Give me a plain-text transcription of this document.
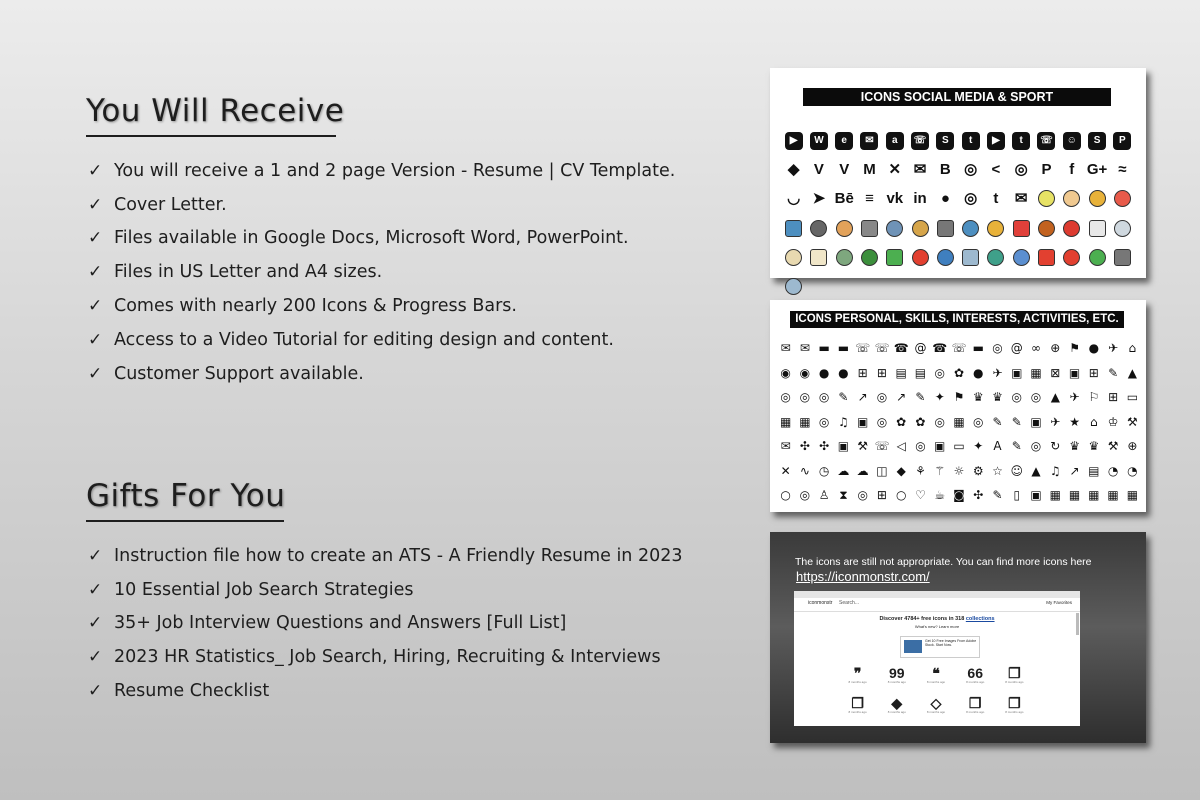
You Will Receive
✓ You will receive a 1 and 2 page Version - Resume | CV Template.
✓ Cover Letter.
✓ Files available in Google Docs, Microsoft Word, PowerPoint.
✓ Files in US Letter and A4 sizes.
✓ Comes with nearly 200 Icons & Progress Bars.
✓ Access to a Video Tutorial for editing design and content.
✓ Customer Support available.
Gifts For You
✓ Instruction file how to create an ATS - A Friendly Resume in 2023
✓ 10 Essential Job Search Strategies
✓ 35+ Job Interview Questions and Answers [Full List]
✓ 2023 HR Statistics_ Job Search, Hiring, Recruiting & Interviews
✓ Resume Checklist
ICONS SOCIAL MEDIA & SPORT
▶	W	e	✉	a	☏	S	t	▶	t	☏	☺	S	P
◆ V V M ✕ ✉ B ◎ < ◎ P f G+ ≈
◡ ➤ Bē ≡ vk in ● ◎ t ✉
ICONS PERSONAL, SKILLS, INTERESTS, ACTIVITIES, ETC.
✉ ✉ ▬ ▬ ☏ ☏ ☎ @ ☎ ☏ ▬ ◎ @ ∞ ⊕ ⚑ ● ✈ ⌂
◉ ◉ ● ● ⊞ ⊞ ▤ ▤ ◎ ✿ ● ✈ ▣ ▦ ⊠ ▣ ⊞ ✎ ▲
◎ ◎ ◎ ✎ ↗ ◎ ↗ ✎ ✦ ⚑ ♛ ♛ ◎ ◎ ▲ ✈ ⚐ ⊞ ▭
▦ ▦ ◎ ♫ ▣ ◎ ✿ ✿ ◎ ▦ ◎ ✎ ✎ ▣ ✈ ★ ⌂ ♔ ⚒
✉ ✣ ✣ ▣ ⚒ ☏ ◁ ◎ ▣ ▭ ✦ A ✎ ◎ ↻ ♛ ♛ ⚒ ⊕
✕ ∿ ◷ ☁ ☁ ◫ ◆ ⚘ ⚚ ☼ ⚙ ☆ ☺ ▲ ♫ ↗ ▤ ◔ ◔
○ ◎ ♙ ⧗ ◎ ⊞ ○ ♡ ☕ ◙ ✣ ✎ ▯ ▣ ▦ ▦ ▦ ▦ ▦
The icons are still not appropriate. You can find more icons here
https://iconmonstr.com/
iconmonstr Search...	My Favorites
Discover 4784+ free icons in 318 collections
What's new? Learn more
Get 10 Free Images From Adobe Stock. Start Now.
❞
8 months ago
99
8 months ago
❝
8 months ago
66
8 months ago
❐
8 months ago
❐
8 months ago
◆
8 months ago
◇
8 months ago
❐
8 months ago
❐
8 months ago
